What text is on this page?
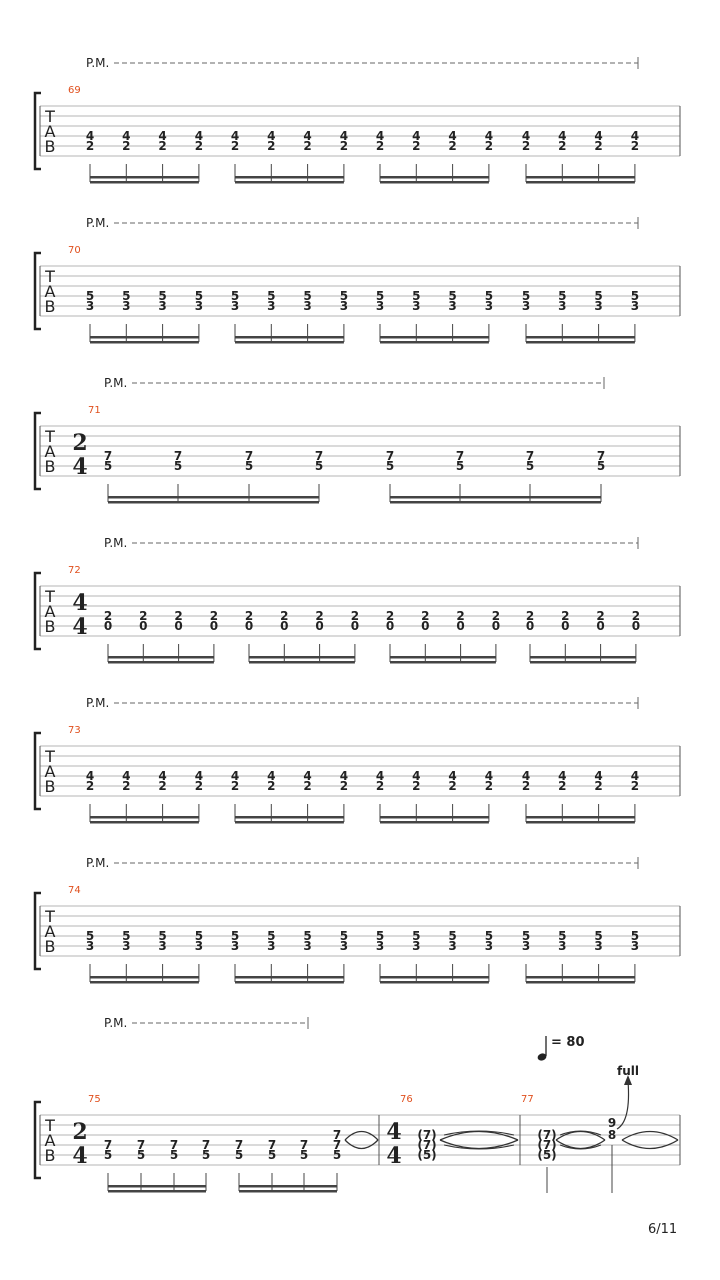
T
A
B
P.M.
69
4
2
4
2
4
2
4
2
4
2
4
2
4
2
4
2
4
2
4
2
4
2
4
2
4
2
4
2
4
2
4
2
T
A
B
P.M.
70
5
3
5
3
5
3
5
3
5
3
5
3
5
3
5
3
5
3
5
3
5
3
5
3
5
3
5
3
5
3
5
3
T
A
B
P.M.
72
4
4 2
0
2
0
2
0
2
0
2
0
2
0
2
0
2
0
2
0
2
0
2
0
2
0
2
0
2
0
2
0
2
0
T
A
B
P.M.
73
4
2
4
2
4
2
4
2
4
2
4
2
4
2
4
2
4
2
4
2
4
2
4
2
4
2
4
2
4
2
4
2
T
A
B
P.M.
74
5
3
5
3
5
3
5
3
5
3
5
3
5
3
5
3
5
3
5
3
5
3
5
3
5
3
5
3
5
3
5
3
T
A
B
P.M.
71
2
4 7
5
7
5
7
5
7
5
7
5
7
5
7
5
7
5
T
A
B
P.M.
75
2
4 7
5
7
5
7
5
7
5
7
5
7
5
7
5
7
7
5
76
4
4
(7)
(7)
(5)
77
(7)
(7)
(5)
9
8
full
= 80
6/11
